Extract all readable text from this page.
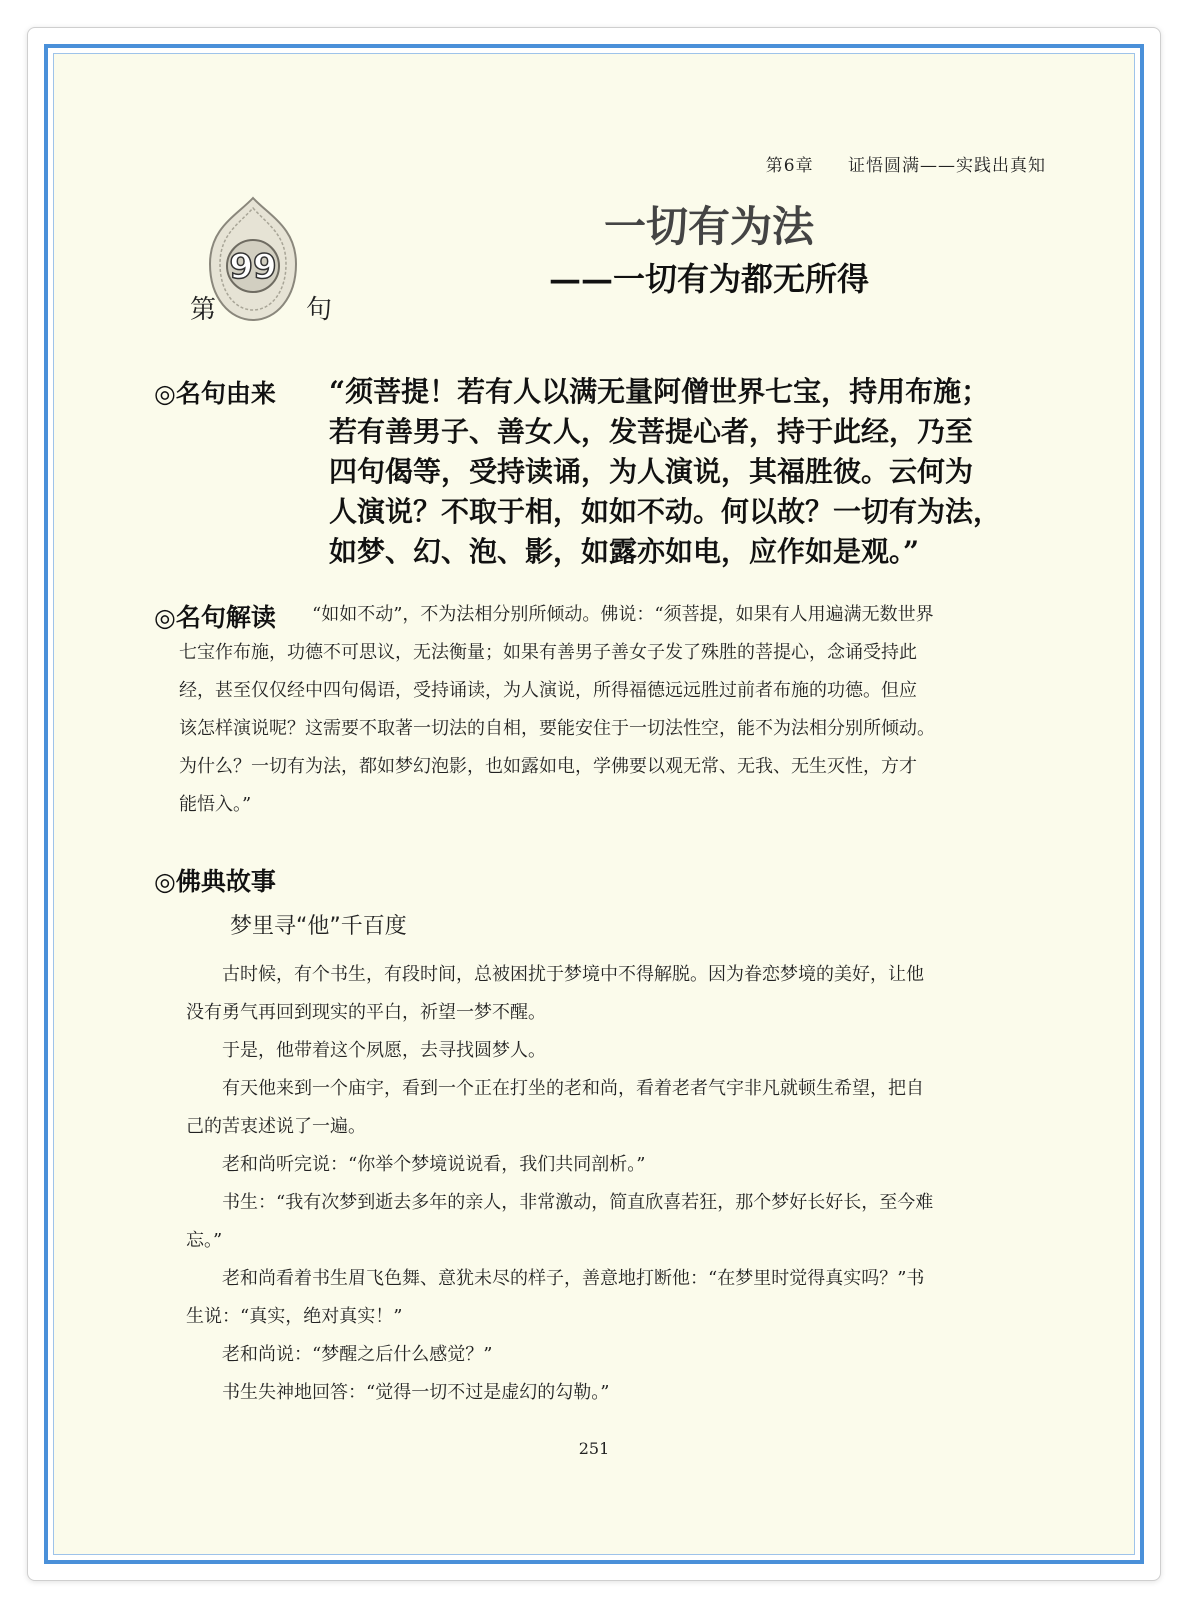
第6章 证悟圆满——实践出真知
99
第	句
一切有为法
——一切有为都无所得
◎名句由来 “须菩提！若有人以满无量阿僧世界七宝，持用布施；

若有善男子、善女人，发菩提心者，持于此经，乃至

四句偈等，受持读诵，为人演说，其福胜彼。云何为

人演说？不取于相，如如不动。何以故？一切有为法，

如梦、幻、泡、影，如露亦如电，应作如是观。”

◎名句解读 “如如不动”，不为法相分别所倾动。佛说：“须菩提，如果有人用遍满无数世界

七宝作布施，功德不可思议，无法衡量；如果有善男子善女子发了殊胜的菩提心，念诵受持此

经，甚至仅仅经中四句偈语，受持诵读，为人演说，所得福德远远胜过前者布施的功德。但应

该怎样演说呢？这需要不取著一切法的自相，要能安住于一切法性空，能不为法相分别所倾动。

为什么？一切有为法，都如梦幻泡影，也如露如电，学佛要以观无常、无我、无生灭性，方才

能悟入。”

◎佛典故事
梦里寻“他”千百度

古时候，有个书生，有段时间，总被困扰于梦境中不得解脱。因为眷恋梦境的美好，让他

没有勇气再回到现实的平白，祈望一梦不醒。

于是，他带着这个夙愿，去寻找圆梦人。

有天他来到一个庙宇，看到一个正在打坐的老和尚，看着老者气宇非凡就顿生希望，把自

己的苦衷述说了一遍。

老和尚听完说：“你举个梦境说说看，我们共同剖析。”

书生：“我有次梦到逝去多年的亲人，非常激动，简直欣喜若狂，那个梦好长好长，至今难

忘。”

老和尚看着书生眉飞色舞、意犹未尽的样子，善意地打断他：“在梦里时觉得真实吗？”书

生说：“真实，绝对真实！”

老和尚说：“梦醒之后什么感觉？”

书生失神地回答：“觉得一切不过是虚幻的勾勒。”

251
